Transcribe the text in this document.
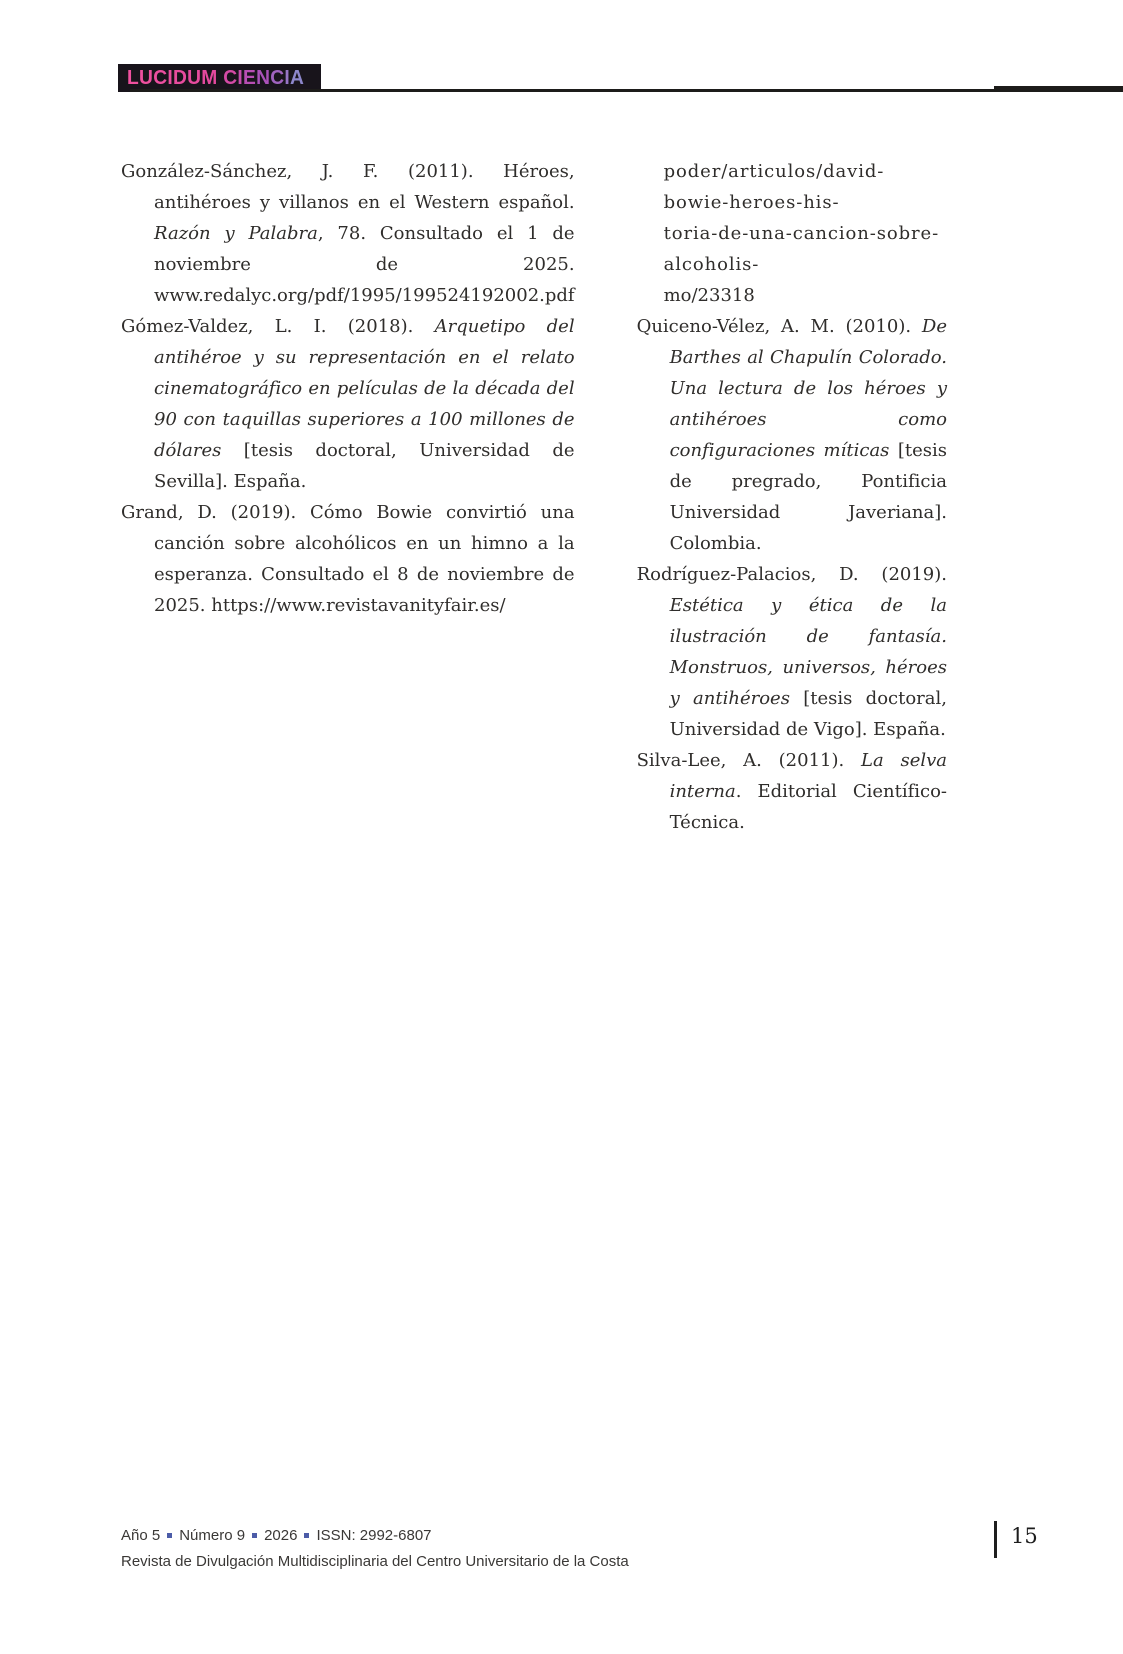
LUCIDUM CIENCIA

González-Sánchez, J. F. (2011). Héroes, antihéroes y villanos en el Western español. Razón y Palabra, 78. Consultado el 1 de noviembre de 2025. www.redalyc.org/pdf/1995/199524192002.pdf

Gómez-Valdez, L. I. (2018). Arquetipo del antihéroe y su representación en el relato cinematográfico en películas de la década del 90 con taquillas superiores a 100 millones de dólares [tesis doctoral, Universidad de Sevilla]. España.

Grand, D. (2019). Cómo Bowie convirtió una canción sobre alcohólicos en un himno a la esperanza. Consultado el 8 de noviembre de 2025. https://www.revistavanityfair.es/

poder/articulos/david-bowie-heroes-his-
toria-de-una-cancion-sobre-alcoholis-
mo/23318

Quiceno-Vélez, A. M. (2010). De Barthes al Chapulín Colorado. Una lectura de los héroes y antihéroes como configuraciones míticas [tesis de pregrado, Pontificia Universidad Javeriana]. Colombia.

Rodríguez-Palacios, D. (2019). Estética y ética de la ilustración de fantasía. Monstruos, universos, héroes y antihéroes [tesis doctoral, Universidad de Vigo]. España.

Silva-Lee, A. (2011). La selva interna. Editorial Científico-Técnica.

Año 5 Número 9 2026 ISSN: 2992-6807
Revista de Divulgación Multidisciplinaria del Centro Universitario de la Costa
15
